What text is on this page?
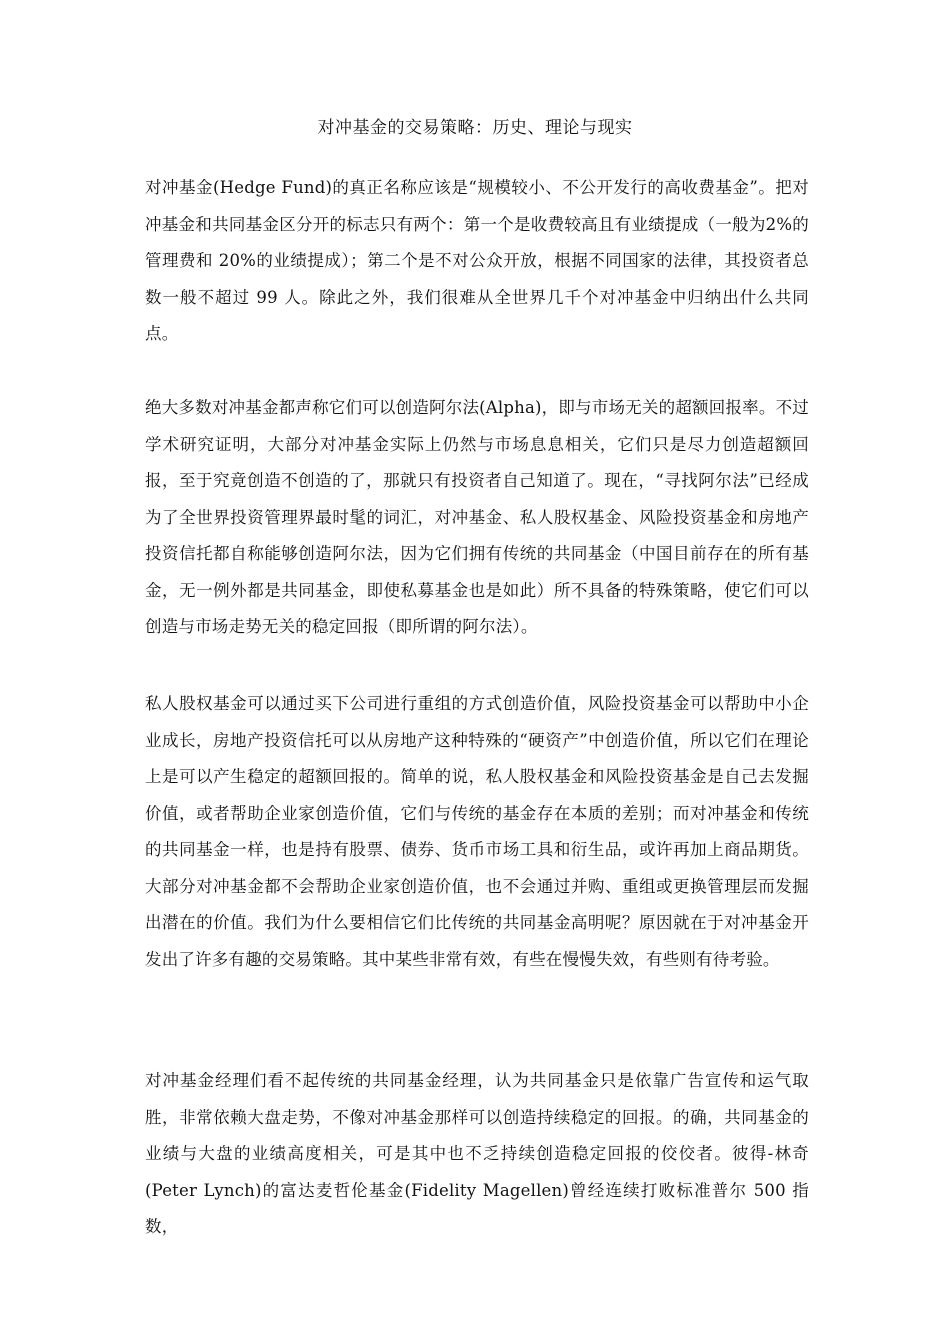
对冲基金的交易策略：历史、理论与现实

对冲基金(Hedge Fund)的真正名称应该是“规模较小、不公开发行的高收费基金”。把对冲基金和共同基金区分开的标志只有两个：第一个是收费较高且有业绩提成（一般为2%的管理费和 20%的业绩提成）；第二个是不对公众开放，根据不同国家的法律，其投资者总数一般不超过 99 人。除此之外，我们很难从全世界几千个对冲基金中归纳出什么共同点。

绝大多数对冲基金都声称它们可以创造阿尔法(Alpha)，即与市场无关的超额回报率。不过学术研究证明，大部分对冲基金实际上仍然与市场息息相关，它们只是尽力创造超额回报，至于究竟创造不创造的了，那就只有投资者自己知道了。现在，“寻找阿尔法”已经成为了全世界投资管理界最时髦的词汇，对冲基金、私人股权基金、风险投资基金和房地产投资信托都自称能够创造阿尔法，因为它们拥有传统的共同基金（中国目前存在的所有基金，无一例外都是共同基金，即使私募基金也是如此）所不具备的特殊策略，使它们可以创造与市场走势无关的稳定回报（即所谓的阿尔法）。

私人股权基金可以通过买下公司进行重组的方式创造价值，风险投资基金可以帮助中小企业成长，房地产投资信托可以从房地产这种特殊的“硬资产”中创造价值，所以它们在理论上是可以产生稳定的超额回报的。简单的说，私人股权基金和风险投资基金是自己去发掘价值，或者帮助企业家创造价值，它们与传统的基金存在本质的差别；而对冲基金和传统的共同基金一样，也是持有股票、债券、货币市场工具和衍生品，或许再加上商品期货。大部分对冲基金都不会帮助企业家创造价值，也不会通过并购、重组或更换管理层而发掘出潜在的价值。我们为什么要相信它们比传统的共同基金高明呢？原因就在于对冲基金开发出了许多有趣的交易策略。其中某些非常有效，有些在慢慢失效，有些则有待考验。

对冲基金经理们看不起传统的共同基金经理，认为共同基金只是依靠广告宣传和运气取胜，非常依赖大盘走势，不像对冲基金那样可以创造持续稳定的回报。的确，共同基金的业绩与大盘的业绩高度相关，可是其中也不乏持续创造稳定回报的佼佼者。彼得-林奇(Peter Lynch)的富达麦哲伦基金(Fidelity Magellen)曾经连续打败标准普尔 500 指数，
